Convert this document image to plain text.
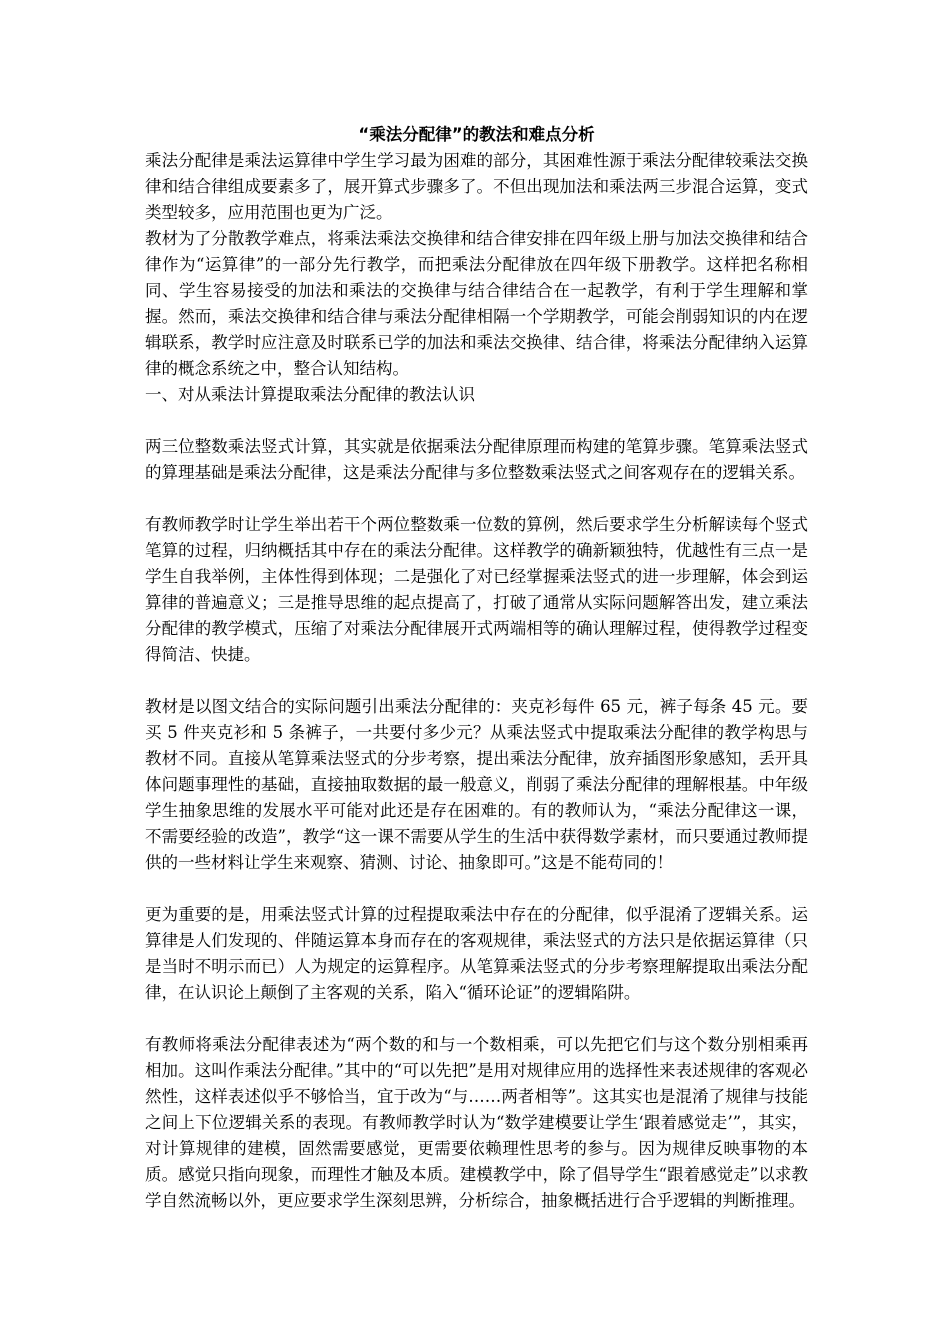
“乘法分配律”的教法和难点分析

乘法分配律是乘法运算律中学生学习最为困难的部分，其困难性源于乘法分配律较乘法交换律和结合律组成要素多了，展开算式步骤多了。不但出现加法和乘法两三步混合运算，变式类型较多，应用范围也更为广泛。

教材为了分散教学难点，将乘法乘法交换律和结合律安排在四年级上册与加法交换律和结合律作为“运算律”的一部分先行教学，而把乘法分配律放在四年级下册教学。这样把名称相同、学生容易接受的加法和乘法的交换律与结合律结合在一起教学，有利于学生理解和掌握。然而，乘法交换律和结合律与乘法分配律相隔一个学期教学，可能会削弱知识的内在逻辑联系，教学时应注意及时联系已学的加法和乘法交换律、结合律，将乘法分配律纳入运算律的概念系统之中，整合认知结构。

一、对从乘法计算提取乘法分配律的教法认识

两三位整数乘法竖式计算，其实就是依据乘法分配律原理而构建的笔算步骤。笔算乘法竖式的算理基础是乘法分配律，这是乘法分配律与多位整数乘法竖式之间客观存在的逻辑关系。

有教师教学时让学生举出若干个两位整数乘一位数的算例，然后要求学生分析解读每个竖式笔算的过程，归纳概括其中存在的乘法分配律。这样教学的确新颖独特，优越性有三点一是学生自我举例，主体性得到体现；二是强化了对已经掌握乘法竖式的进一步理解，体会到运算律的普遍意义；三是推导思维的起点提高了，打破了通常从实际问题解答出发，建立乘法分配律的教学模式，压缩了对乘法分配律展开式两端相等的确认理解过程，使得教学过程变得简洁、快捷。

教材是以图文结合的实际问题引出乘法分配律的：夹克衫每件 65 元，裤子每条 45 元。要买 5 件夹克衫和 5 条裤子，一共要付多少元？从乘法竖式中提取乘法分配律的教学构思与教材不同。直接从笔算乘法竖式的分步考察，提出乘法分配律，放弃插图形象感知，丢开具体问题事理性的基础，直接抽取数据的最一般意义，削弱了乘法分配律的理解根基。中年级学生抽象思维的发展水平可能对此还是存在困难的。有的教师认为，“乘法分配律这一课，不需要经验的改造”，教学“这一课不需要从学生的生活中获得数学素材，而只要通过教师提供的一些材料让学生来观察、猜测、讨论、抽象即可。”这是不能苟同的！

更为重要的是，用乘法竖式计算的过程提取乘法中存在的分配律，似乎混淆了逻辑关系。运算律是人们发现的、伴随运算本身而存在的客观规律，乘法竖式的方法只是依据运算律（只是当时不明示而已）人为规定的运算程序。从笔算乘法竖式的分步考察理解提取出乘法分配律，在认识论上颠倒了主客观的关系，陷入“循环论证”的逻辑陷阱。

有教师将乘法分配律表述为“两个数的和与一个数相乘，可以先把它们与这个数分别相乘再相加。这叫作乘法分配律。”其中的“可以先把”是用对规律应用的选择性来表述规律的客观必然性，这样表述似乎不够恰当，宜于改为“与……两者相等”。这其实也是混淆了规律与技能之间上下位逻辑关系的表现。有教师教学时认为“数学建模要让学生‘跟着感觉走’”，其实，对计算规律的建模，固然需要感觉，更需要依赖理性思考的参与。因为规律反映事物的本质。感觉只指向现象，而理性才触及本质。建模教学中，除了倡导学生“跟着感觉走”以求教学自然流畅以外，更应要求学生深刻思辨，分析综合，抽象概括进行合乎逻辑的判断推理。
